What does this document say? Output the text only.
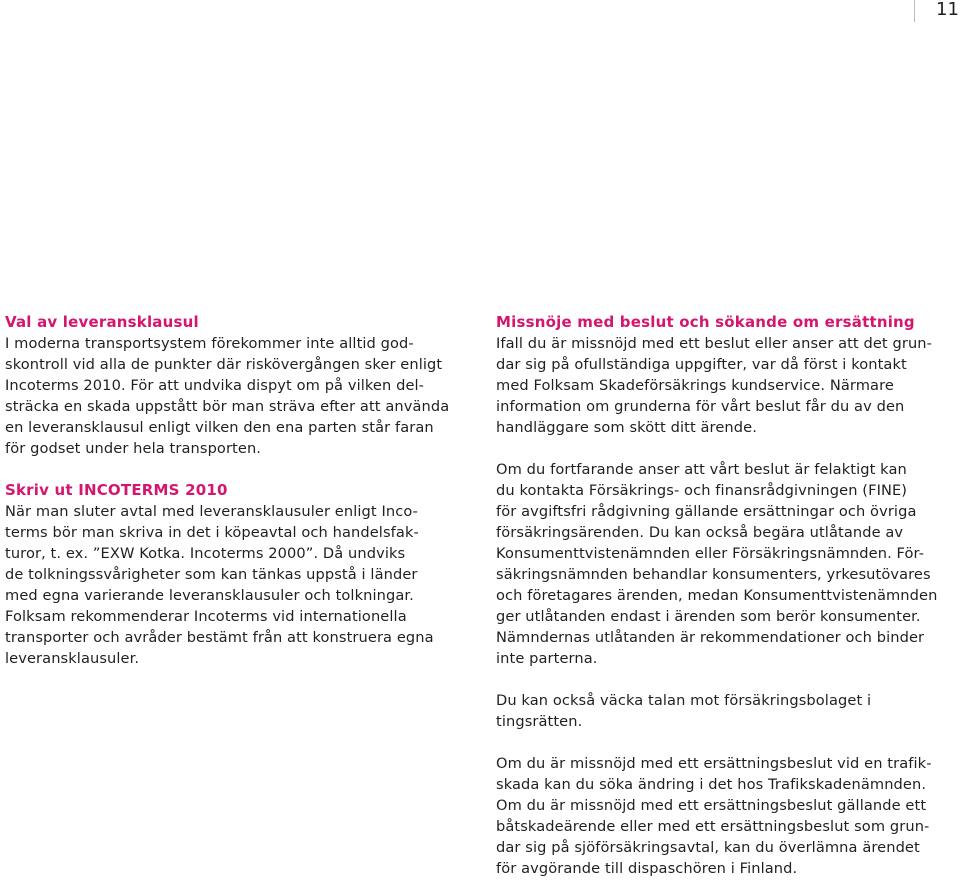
11
Val av leveransklausul

I moderna transportsystem förekommer inte alltid god-
skontroll vid alla de punkter där riskövergången sker enligt
Incoterms 2010. För att undvika dispyt om på vilken del-
sträcka en skada uppstått bör man sträva efter att använda
en leveransklausul enligt vilken den ena parten står faran
för godset under hela transporten.

Skriv ut INCOTERMS 2010

När man sluter avtal med leveransklausuler enligt Inco-
terms bör man skriva in det i köpeavtal och handelsfak-
turor, t. ex. ”EXW Kotka. Incoterms 2000”. Då undviks
de tolkningssvårigheter som kan tänkas uppstå i länder
med egna varierande leveransklausuler och tolkningar.
Folksam rekommenderar Incoterms vid internationella
transporter och avråder bestämt från att konstruera egna
leveransklausuler.

Missnöje med beslut och sökande om ersättning

Ifall du är missnöjd med ett beslut eller anser att det grun-
dar sig på ofullständiga uppgifter, var då först i kontakt
med Folksam Skadeförsäkrings kundservice. Närmare
information om grunderna för vårt beslut får du av den
handläggare som skött ditt ärende.

Om du fortfarande anser att vårt beslut är felaktigt kan
du kontakta Försäkrings- och finansrådgivningen (FINE)
för avgiftsfri rådgivning gällande ersättningar och övriga
försäkringsärenden. Du kan också begära utlåtande av
Konsumenttvistenämnden eller Försäkringsnämnden. För-
säkringsnämnden behandlar konsumenters, yrkesutövares
och företagares ärenden, medan Konsumenttvistenämnden
ger utlåtanden endast i ärenden som berör konsumenter.
Nämndernas utlåtanden är rekommendationer och binder
inte parterna.

Du kan också väcka talan mot försäkringsbolaget i
tingsrätten.

Om du är missnöjd med ett ersättningsbeslut vid en trafik-
skada kan du söka ändring i det hos Trafikskadenämnden.
Om du är missnöjd med ett ersättningsbeslut gällande ett
båtskadeärende eller med ett ersättningsbeslut som grun-
dar sig på sjöförsäkringsavtal, kan du överlämna ärendet
för avgörande till dispaschören i Finland.
